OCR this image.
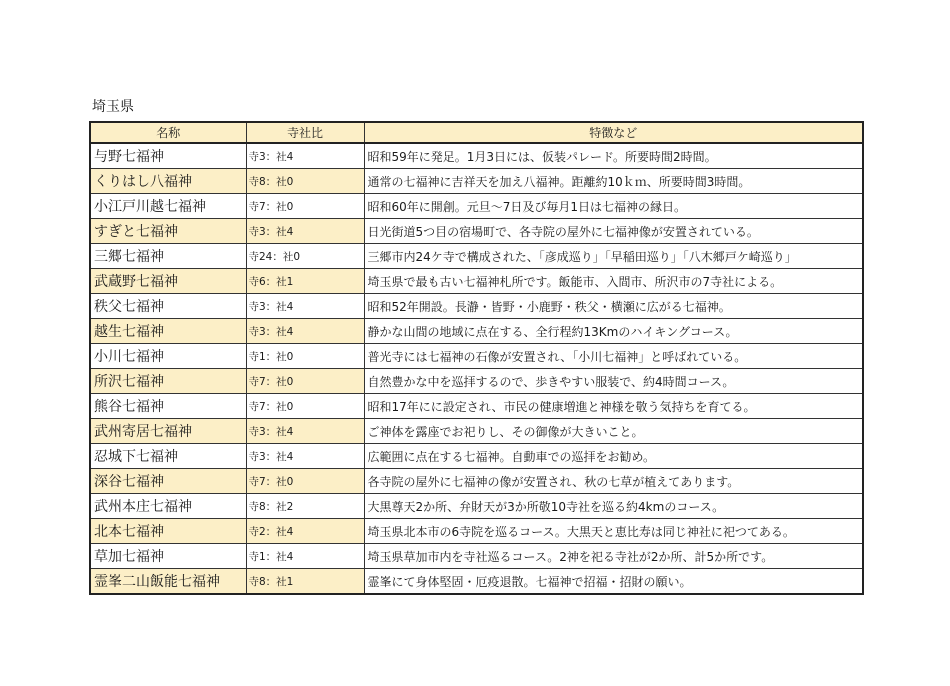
埼玉県
名称	寺社比	特徴など
与野七福神	寺3：社4	昭和59年に発足。1月3日には、仮装パレード。所要時間2時間。
くりはし八福神	寺8：社0	通常の七福神に吉祥天を加え八福神。距離約10ｋｍ、所要時間3時間。
小江戸川越七福神	寺7：社0	昭和60年に開創。元旦～7日及び毎月1日は七福神の縁日。
すぎと七福神	寺3：社4	日光街道5つ目の宿場町で、各寺院の屋外に七福神像が安置されている。
三郷七福神	寺24：社0	三郷市内24ケ寺で構成された、「彦成巡り」「早稲田巡り」「八木郷戸ケ崎巡り」
武蔵野七福神	寺6：社1	埼玉県で最も古い七福神札所です。飯能市、入間市、所沢市の7寺社による。
秩父七福神	寺3：社4	昭和52年開設。長瀞・皆野・小鹿野・秩父・横瀬に広がる七福神。
越生七福神	寺3：社4	静かな山間の地域に点在する、全行程約13Kmのハイキングコース。
小川七福神	寺1：社0	普光寺には七福神の石像が安置され、「小川七福神」と呼ばれている。
所沢七福神	寺7：社0	自然豊かな中を巡拝するので、歩きやすい服装で、約4時間コース。
熊谷七福神	寺7：社0	昭和17年にに設定され、市民の健康増進と神様を敬う気持ちを育てる。
武州寄居七福神	寺3：社4	ご神体を露座でお祀りし、その御像が大きいこと。
忍城下七福神	寺3：社4	広範囲に点在する七福神。自動車での巡拝をお勧め。
深谷七福神	寺7：社0	各寺院の屋外に七福神の像が安置され、秋の七草が植えてあります。
武州本庄七福神	寺8：社2	大黒尊天2か所、弁財天が3か所敬10寺社を巡る約4kmのコース。
北本七福神	寺2：社4	埼玉県北本市の6寺院を巡るコース。大黒天と恵比寿は同じ神社に祀つてある。
草加七福神	寺1：社4	埼玉県草加市内を寺社巡るコース。2神を祀る寺社が2か所、計5か所です。
霊峯二山飯能七福神	寺8：社1	霊峯にて身体堅固・厄疫退散。七福神で招福・招財の願い。
